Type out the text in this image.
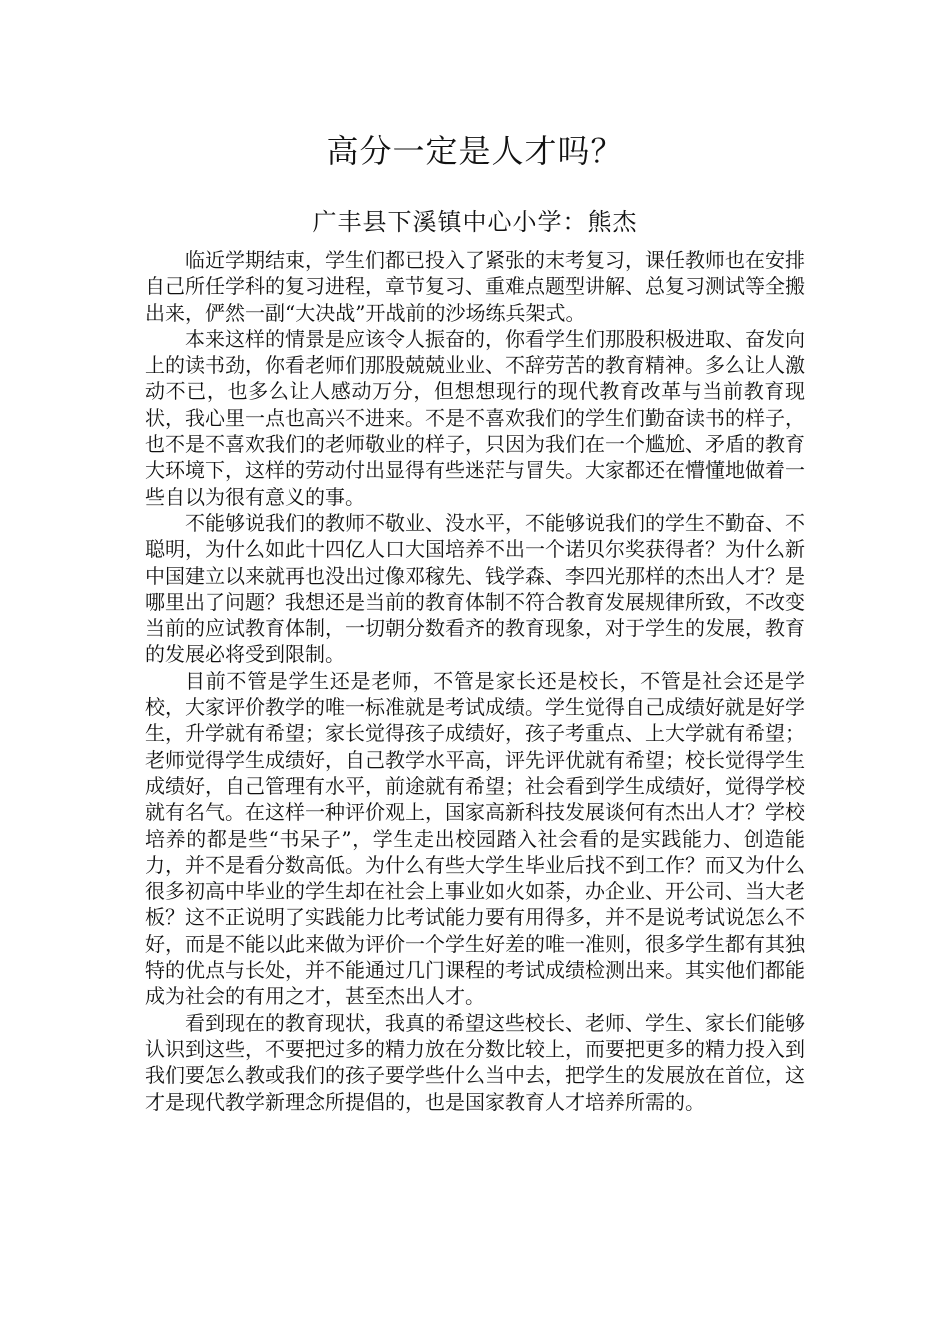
高分一定是人才吗？
广丰县下溪镇中心小学：熊杰

临近学期结束，学生们都已投入了紧张的末考复习，课任教师也在安排自己所任学科的复习进程，章节复习、重难点题型讲解、总复习测试等全搬出来，俨然一副“大决战”开战前的沙场练兵架式。

本来这样的情景是应该令人振奋的，你看学生们那股积极进取、奋发向上的读书劲，你看老师们那股兢兢业业、不辞劳苦的教育精神。多么让人激动不已，也多么让人感动万分，但想想现行的现代教育改革与当前教育现状，我心里一点也高兴不进来。不是不喜欢我们的学生们勤奋读书的样子，也不是不喜欢我们的老师敬业的样子，只因为我们在一个尴尬、矛盾的教育大环境下，这样的劳动付出显得有些迷茫与冒失。大家都还在懵懂地做着一些自以为很有意义的事。

不能够说我们的教师不敬业、没水平，不能够说我们的学生不勤奋、不聪明，为什么如此十四亿人口大国培养不出一个诺贝尔奖获得者？为什么新中国建立以来就再也没出过像邓稼先、钱学森、李四光那样的杰出人才？是哪里出了问题？我想还是当前的教育体制不符合教育发展规律所致，不改变当前的应试教育体制，一切朝分数看齐的教育现象，对于学生的发展，教育的发展必将受到限制。

目前不管是学生还是老师，不管是家长还是校长，不管是社会还是学校，大家评价教学的唯一标准就是考试成绩。学生觉得自己成绩好就是好学生，升学就有希望；家长觉得孩子成绩好，孩子考重点、上大学就有希望；老师觉得学生成绩好，自己教学水平高，评先评优就有希望；校长觉得学生成绩好，自己管理有水平，前途就有希望；社会看到学生成绩好，觉得学校就有名气。在这样一种评价观上，国家高新科技发展谈何有杰出人才？学校培养的都是些“书呆子”，学生走出校园踏入社会看的是实践能力、创造能力，并不是看分数高低。为什么有些大学生毕业后找不到工作？而又为什么很多初高中毕业的学生却在社会上事业如火如荼，办企业、开公司、当大老板？这不正说明了实践能力比考试能力要有用得多，并不是说考试说怎么不好，而是不能以此来做为评价一个学生好差的唯一准则，很多学生都有其独特的优点与长处，并不能通过几门课程的考试成绩检测出来。其实他们都能成为社会的有用之才，甚至杰出人才。

看到现在的教育现状，我真的希望这些校长、老师、学生、家长们能够认识到这些，不要把过多的精力放在分数比较上，而要把更多的精力投入到我们要怎么教或我们的孩子要学些什么当中去，把学生的发展放在首位，这才是现代教学新理念所提倡的，也是国家教育人才培养所需的。
